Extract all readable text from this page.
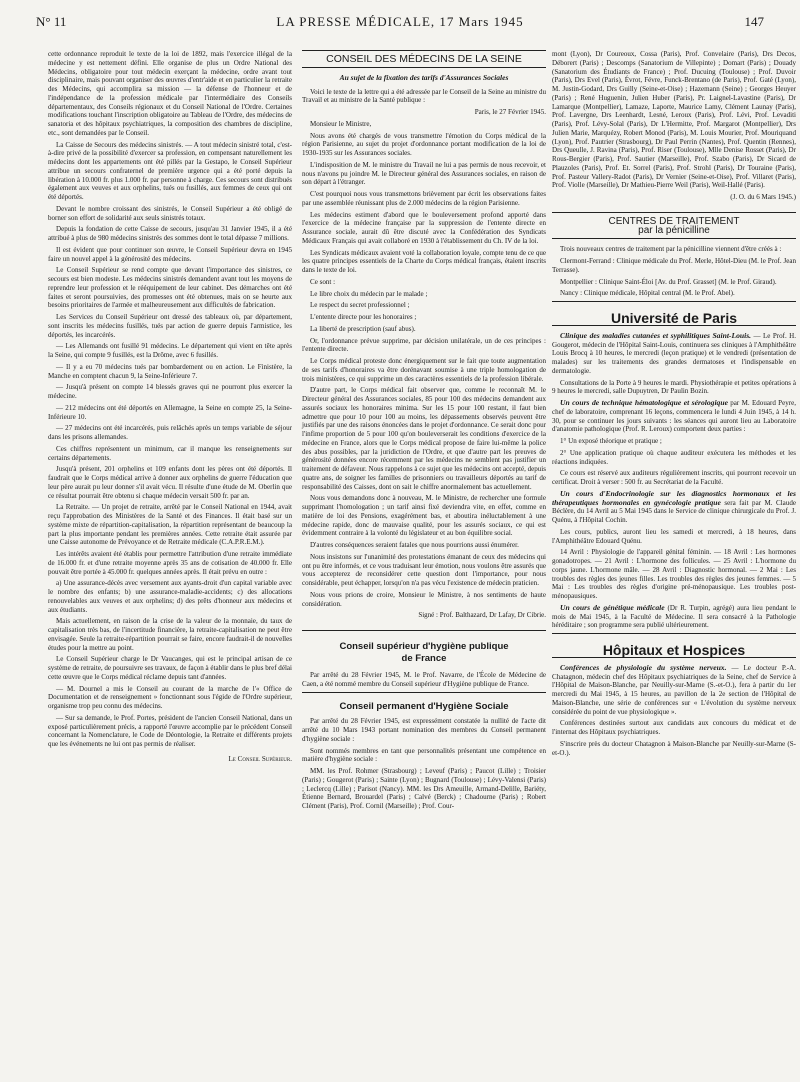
N° 11	LA PRESSE MÉDICALE, 17 Mars 1945	147

cette ordonnance reproduit le texte de la loi de 1892, mais l'exercice illégal de la médecine y est nettement défini. Elle organise de plus un Ordre National des Médecins, obligatoire pour tout médecin exerçant la médecine, ordre avant tout disciplinaire, mais pouvant organiser des œuvres d'entr'aide et en particulier la retraite des Médecins, qui accomplira sa mission — la défense de l'honneur et de l'indépendance de la profession médicale par l'intermédiaire des Conseils départementaux, des Conseils régionaux et du Conseil National de l'Ordre. Certaines modifications touchant l'inscription obligatoire au Tableau de l'Ordre, des médecins de sanatoria et des hôpitaux psychiatriques, la composition des chambres de discipline, etc., sont demandées par le Conseil.

La Caisse de Secours des médecins sinistrés. — A tout médecin sinistré total, c'est-à-dire privé de la possibilité d'exercer sa profession, en compensant naturellement les médecins dont les appartements ont été pillés par la Gestapo, le Conseil Supérieur attribue un secours confraternel de première urgence qui a été porté depuis la libération à 10.000 fr. plus 1.000 fr. par personne à charge. Ces secours sont distribués également aux veuves et aux orphelins, tués ou fusillés, aux femmes de ceux qui ont été déportés.

Devant le nombre croissant des sinistrés, le Conseil Supérieur a été obligé de borner son effort de solidarité aux seuls sinistrés totaux.

Depuis la fondation de cette Caisse de secours, jusqu'au 31 Janvier 1945, il a été attribué à plus de 980 médecins sinistrés des sommes dont le total dépasse 7 millions.

Il est évident que pour continuer son œuvre, le Conseil Supérieur devra en 1945 faire un nouvel appel à la générosité des médecins.

Le Conseil Supérieur se rend compte que devant l'importance des sinistres, ce secours est bien modeste. Les médecins sinistrés demandent avant tout les moyens de reprendre leur profession et le rééquipement de leur cabinet. Des démarches ont été faites et seront poursuivies, des promesses ont été obtenues, mais on se heurte aux besoins prioritaires de l'armée et malheureusement aux difficultés de fabrication.

Les Services du Conseil Supérieur ont dressé des tableaux où, par département, sont inscrits les médecins fusillés, tués par action de guerre depuis l'armistice, les déportés, les incarcérés.

— Les Allemands ont fusillé 91 médecins. Le département qui vient en tête après la Seine, qui compte 9 fusillés, est la Drôme, avec 6 fusillés.

— Il y a eu 70 médecins tués par bombardement ou en action. Le Finistère, la Manche en comptent chacun 9, la Seine-Inférieure 7.

— Jusqu'à présent on compte 14 blessés graves qui ne pourront plus exercer la médecine.

— 212 médecins ont été déportés en Allemagne, la Seine en compte 25, la Seine-Inférieure 10.

— 27 médecins ont été incarcérés, puis relâchés après un temps variable de séjour dans les prisons allemandes.

Ces chiffres représentent un minimum, car il manque les renseignements sur certains départements.

Jusqu'à présent, 201 orphelins et 109 enfants dont les pères ont été déportés. Il faudrait que le Corps médical arrive à donner aux orphelins de guerre l'éducation que leur père aurait pu leur donner s'il avait vécu. Il résulte d'une étude de M. Oberlin que ce résultat pourrait être obtenu si chaque médecin versait 500 fr. par an.

La Retraite. — Un projet de retraite, arrêté par le Conseil National en 1944, avait reçu l'approbation des Ministères de la Santé et des Finances. Il était basé sur un système mixte de répartition-capitalisation, la répartition représentant de beaucoup la part la plus importante pendant les premières années. Cette retraite était assurée par une Caisse autonome de Prévoyance et de Retraite médicale (C.A.P.R.E.M.).

Les intérêts avaient été établis pour permettre l'attribution d'une retraite immédiate de 16.000 fr. et d'une retraite moyenne après 35 ans de cotisation de 40.000 fr. Elle pouvait être portée à 45.000 fr. quelques années après. Il était prévu en outre :

a) Une assurance-décès avec versement aux ayants-droit d'un capital variable avec le nombre des enfants; b) une assurance-maladie-accidents; c) des allocations renouvelables aux veuves et aux orphelins; d) des prêts d'honneur aux médecins et aux étudiants.

Mais actuellement, en raison de la crise de la valeur de la monnaie, du taux de capitalisation très bas, de l'incertitude financière, la retraite-capitalisation ne peut être envisagée. Seule la retraite-répartition pourrait se faire, encore faudrait-il de nouvelles études pour la mettre au point.

Le Conseil Supérieur charge le Dr Vaucanges, qui est le principal artisan de ce système de retraite, de poursuivre ses travaux, de façon à établir dans le plus bref délai cette œuvre que le Corps médical réclame depuis tant d'années.

— M. Dournel a mis le Conseil au courant de la marche de l'« Office de Documentation et de renseignement » fonctionnant sous l'égide de l'Ordre supérieur, organisme trop peu connu des médecins.

— Sur sa demande, le Prof. Portes, président de l'ancien Conseil National, dans un exposé particulièrement précis, a rapporté l'œuvre accomplie par le précédent Conseil concernant la Nomenclature, le Code de Déontologie, la Retraite et différents projets que les événements ne lui ont pas permis de réaliser.

Le Conseil Supérieur.
CONSEIL DES MÉDECINS DE LA SEINE
Au sujet de la fixation des tarifs d'Assurances Sociales

Voici le texte de la lettre qui a été adressée par le Conseil de la Seine au ministre du Travail et au ministre de la Santé publique :

Paris, le 27 Février 1945.

Monsieur le Ministre,

Nous avons été chargés de vous transmettre l'émotion du Corps médical de la région Parisienne, au sujet du projet d'ordonnance portant modification de la loi de 1930-1935 sur les Assurances sociales.

L'indisposition de M. le ministre du Travail ne lui a pas permis de nous recevoir, et nous n'avons pu joindre M. le Directeur général des Assurances sociales, en raison de son départ à l'étranger.

C'est pourquoi nous vous transmettons brièvement par écrit les observations faites par une assemblée réunissant plus de 2.000 médecins de la région Parisienne.

Les médecins estiment d'abord que le bouleversement profond apporté dans l'exercice de la médecine française par la suppression de l'entente directe en Assurance sociale, aurait dû être discuté avec la Confédération des Syndicats Médicaux Français qui avait collaboré en 1930 à l'établissement du Ch. IV de la loi.

Les Syndicats médicaux avaient voté la collaboration loyale, compte tenu de ce que les quatre principes essentiels de la Charte du Corps médical français, étaient inscrits dans le texte de loi.

Ce sont :

Le libre choix du médecin par le malade ;

Le respect du secret professionnel ;

L'entente directe pour les honoraires ;

La liberté de prescription (sauf abus).

Or, l'ordonnance prévue supprime, par décision unilatérale, un de ces principes : l'entente directe.

Le Corps médical proteste donc énergiquement sur le fait que toute augmentation de ses tarifs d'honoraires va être dorénavant soumise à une triple homologation de trois ministères, ce qui supprime un des caractères essentiels de la profession libérale.

D'autre part, le Corps médical fait observer que, comme le reconnaît M. le Directeur général des Assurances sociales, 85 pour 100 des médecins demandent aux assurés sociaux les honoraires minima. Sur les 15 pour 100 restant, il faut bien admettre que pour 10 pour 100 au moins, les dépassements observés peuvent être justifiés par une des raisons énoncées dans le projet d'ordonnance. Ce serait donc pour l'infime proportion de 5 pour 100 qu'on bouleverserait les conditions d'exercice de la médecine en France, alors que le Corps médical propose de faire lui-même la police des abus possibles, par la juridiction de l'Ordre, et que d'autre part les preuves de générosité données encore récemment par les médecins ne semblent pas justifier un traitement de défaveur. Nous rappelons à ce sujet que les médecins ont accepté, depuis quatre ans, de soigner les familles de prisonniers ou travailleurs déportés au tarif de responsabilité des Caisses, dont on sait le chiffre anormalement bas actuellement.

Nous vous demandons donc à nouveau, M. le Ministre, de rechercher une formule supprimant l'homologation ; un tarif ainsi fixé deviendra vite, en effet, comme en matière de loi des Pensions, exagérément bas, et aboutira inéluctablement à une médecine rapide, donc de mauvaise qualité, pour les assurés sociaux, ce qui est évidemment contraire à la volonté du législateur et au bon équilibre social.

D'autres conséquences seraient fatales que nous pourrions aussi énumérer.

Nous insistons sur l'unanimité des protestations émanant de ceux des médecins qui ont pu être informés, et ce vous traduisant leur émotion, nous voulons être assurés que vous accepterez de reconsidérer cette question dont l'importance, pour nous considérable, peut échapper, lorsqu'on n'a pas vécu l'existence de médecin praticien.

Nous vous prions de croire, Monsieur le Ministre, à nos sentiments de haute considération.

Signé : Prof. Balthazard, Dr Lafay, Dr Cibrie.
Conseil supérieur d'hygiène publique
de France

Par arrêté du 28 Février 1945, M. le Prof. Navarre, de l'École de Médecine de Caen, a été nommé membre du Conseil supérieur d'Hygiène publique de France.

Conseil permanent d'Hygiène Sociale

Par arrêté du 28 Février 1945, est expressément constatée la nullité de l'acte dit arrêté du 10 Mars 1943 portant nomination des membres du Conseil permanent d'hygiène sociale :

Sont nommés membres en tant que personnalités présentant une compétence en matière d'hygiène sociale :

MM. les Prof. Rohmer (Strasbourg) ; Leveuf (Paris) ; Paucot (Lille) ; Troisier (Paris) ; Gougerot (Paris) ; Sainte (Lyon) ; Bugnard (Toulouse) ; Lévy-Valensi (Paris) ; Leclercq (Lille) ; Parisot (Nancy). MM. les Drs Ameuille, Armand-Delille, Bariéty, Étienne Bernard, Brouardel (Paris) ; Calvé (Berck) ; Chadourne (Paris) ; Robert Clément (Paris), Prof. Cornil (Marseille) ; Prof. Cour-

mont (Lyon), Dr Coureoux, Cossa (Paris), Prof. Convelaire (Paris), Drs Decos, Déborert (Paris) ; Descomps (Sanatorium de Villepinte) ; Domart (Paris) ; Douady (Sanatorium des Étudiants de France) ; Prof. Ducuing (Toulouse) ; Prof. Duvoir (Paris), Drs Evel (Paris), Évrot, Févre, Funck-Brentano (de Paris), Prof. Gaté (Lyon), M. Justin-Godard, Drs Guilly (Seine-et-Oise) ; Hazemann (Seine) ; Georges Heuyer (Paris) ; René Huguenin, Julien Huber (Paris), Pr. Laignel-Lavastine (Paris), Dr Lamarque (Montpellier), Lamaze, Laporte, Maurice Lamy, Clément Launay (Paris), Prof. Lavergne, Drs Leenhardt, Lesné, Leroux (Paris), Prof. Lévi, Prof. Levaditi (Paris), Prof. Lévy-Solal (Paris), Dr L'Hermitte, Prof. Margarot (Montpellier), Drs Julien Marie, Marquézy, Robert Monod (Paris), M. Louis Mourier, Prof. Mouriquand (Lyon), Prof. Pautrier (Strasbourg), Dr Paul Perrin (Nantes), Prof. Quentin (Rennes), Drs Queulle, J. Ravina (Paris), Prof. Riser (Toulouse), Mlle Denise Rosset (Paris), Dr Rous-Bergier (Paris), Prof. Sautier (Marseille), Prof. Szabo (Paris), Dr Sicard de Plauzoles (Paris), Prof. Et. Sorrel (Paris), Prof. Strohl (Paris), Dr Touraine (Paris), Prof. Pasteur Vallery-Radot (Paris), Dr Vernier (Seine-et-Oise), Prof. Villaret (Paris), Prof. Violle (Marseille), Dr Mathieu-Pierre Weil (Paris), Weil-Hallé (Paris).

(J. O. du 6 Mars 1945.)

CENTRES DE TRAITEMENT
par la pénicilline

Trois nouveaux centres de traitement par la pénicilline viennent d'être créés à :

Clermont-Ferrand : Clinique médicale du Prof. Merle, Hôtel-Dieu (M. le Prof. Jean Terrasse).

Montpellier : Clinique Saint-Éloi [Av. du Prof. Grasset] (M. le Prof. Giraud).

Nancy : Clinique médicale, Hôpital central (M. le Prof. Abel).

Université de Paris

Clinique des maladies cutanées et syphilitiques Saint-Louis. — Le Prof. H. Gougerot, médecin de l'Hôpital Saint-Louis, continuera ses cliniques à l'Amphithéâtre Louis Brocq à 10 heures, le mercredi (leçon pratique) et le vendredi (présentation de malades) sur les traitements des grandes dermatoses et l'indispensable en dermatologie.

Consultations de la Porte à 9 heures le mardi. Physiothérapie et petites opérations à 9 heures le mercredi, salle Dupuytren, Dr Paulin Bozin.

Un cours de technique hématologique et sérologique par M. Edouard Peyre, chef de laboratoire, comprenant 16 leçons, commencera le lundi 4 Juin 1945, à 14 h. 30, pour se continuer les jours suivants : les séances qui auront lieu au Laboratoire d'anatomie pathologique (Prof. R. Leroux) comportent deux parties :

1° Un exposé théorique et pratique ;

2° Une application pratique où chaque auditeur exécutera les méthodes et les réactions indiquées.

Ce cours est réservé aux auditeurs régulièrement inscrits, qui pourront recevoir un certificat. Droit à verser : 500 fr. au Secrétariat de la Faculté.

Un cours d'Endocrinologie sur les diagnostics hormonaux et les thérapeutiques hormonales en gynécologie pratique sera fait par M. Claude Béclère, du 14 Avril au 5 Mai 1945 dans le Service de clinique chirurgicale du Prof. J. Quénu, à l'Hôpital Cochin.

Les cours, publics, auront lieu les samedi et mercredi, à 18 heures, dans l'Amphithéâtre Edouard Quénu.

14 Avril : Physiologie de l'appareil génital féminin. — 18 Avril : Les hormones gonadotropes. — 21 Avril : L'hormone des follicules. — 25 Avril : L'hormone du corps jaune. L'hormone mâle. — 28 Avril : Diagnostic hormonal. — 2 Mai : Les troubles des règles des jeunes filles. Les troubles des règles des jeunes femmes. — 5 Mai : Les troubles des règles d'origine pré-ménopausique. Les troubles post-ménopausiques.

Un cours de génétique médicale (Dr R. Turpin, agrégé) aura lieu pendant le mois de Mai 1945, à la Faculté de Médecine. Il sera consacré à la Pathologie héréditaire ; son programme sera publié ultérieurement.

Hôpitaux et Hospices

Conférences de physiologie du système nerveux. — Le docteur P.-A. Chatagnon, médecin chef des Hôpitaux psychiatriques de la Seine, chef de Service à l'Hôpital de Maison-Blanche, par Neuilly-sur-Marne (S.-et-O.), fera à partir du 1er mercredi du Mai 1945, à 15 heures, au pavillon de la 2e section de l'Hôpital de Maison-Blanche, une série de conférences sur « L'évolution du système nerveux considérée du point de vue physiologique ».

Conférences destinées surtout aux candidats aux concours du médicat et de l'internat des Hôpitaux psychiatriques.

S'inscrire près du docteur Chatagnon à Maison-Blanche par Neuilly-sur-Marne (S-et-O.).
